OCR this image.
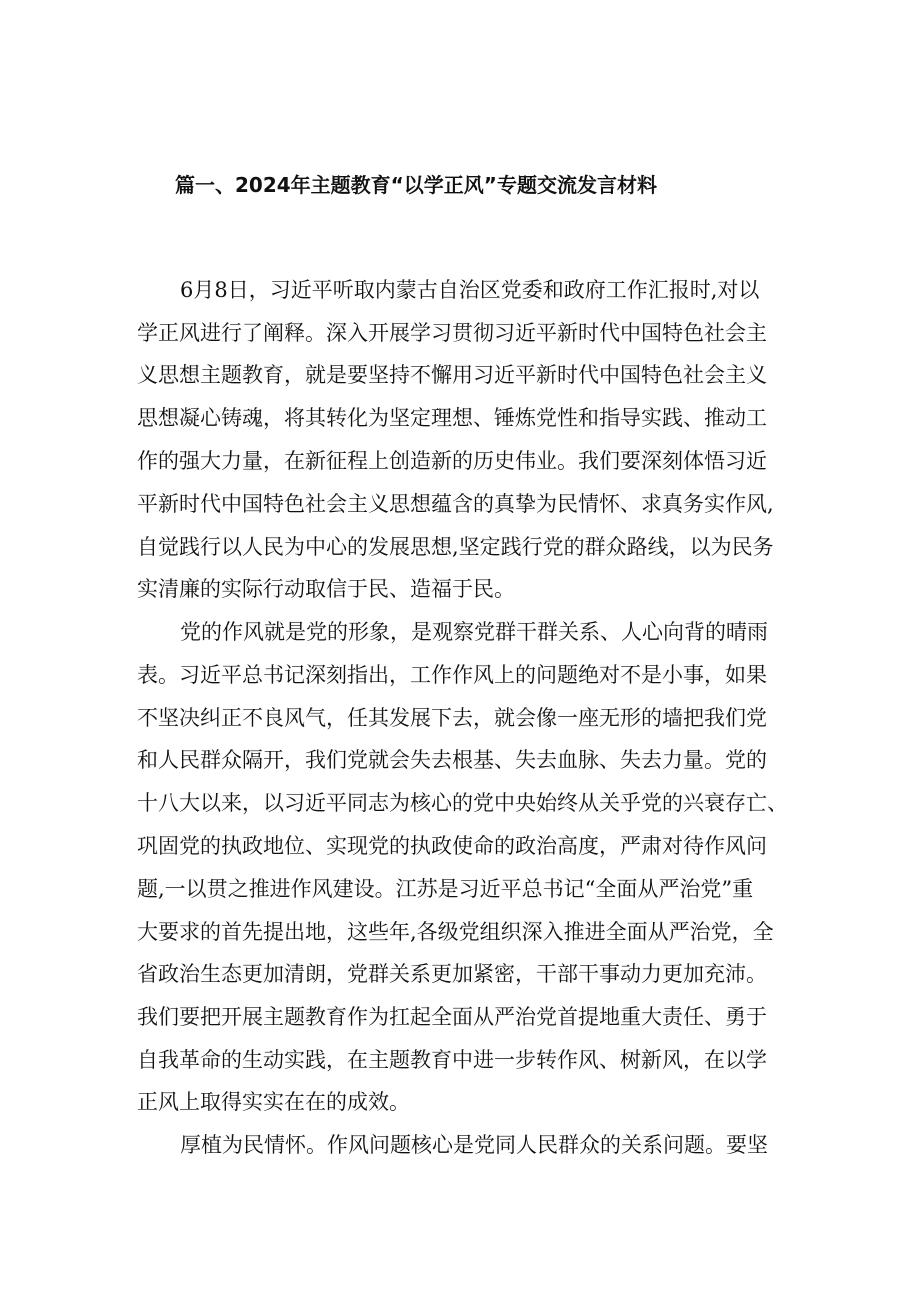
篇一、2024年主题教育“以学正风”专题交流发言材料

6月8日，习近平听取内蒙古自治区党委和政府工作汇报时,对以

学正风进行了阐释。深入开展学习贯彻习近平新时代中国特色社会主

义思想主题教育，就是要坚持不懈用习近平新时代中国特色社会主义

思想凝心铸魂，将其转化为坚定理想、锤炼党性和指导实践、推动工

作的强大力量，在新征程上创造新的历史伟业。我们要深刻体悟习近

平新时代中国特色社会主义思想蕴含的真挚为民情怀、求真务实作风,

自觉践行以人民为中心的发展思想,坚定践行党的群众路线，以为民务

实清廉的实际行动取信于民、造福于民。

党的作风就是党的形象，是观察党群干群关系、人心向背的晴雨

表。习近平总书记深刻指出，工作作风上的问题绝对不是小事，如果

不坚决纠正不良风气，任其发展下去，就会像一座无形的墙把我们党

和人民群众隔开，我们党就会失去根基、失去血脉、失去力量。党的

十八大以来，以习近平同志为核心的党中央始终从关乎党的兴衰存亡、

巩固党的执政地位、实现党的执政使命的政治高度，严肃对待作风问

题,一以贯之推进作风建设。江苏是习近平总书记“全面从严治党”重

大要求的首先提出地，这些年,各级党组织深入推进全面从严治党，全

省政治生态更加清朗，党群关系更加紧密，干部干事动力更加充沛。

我们要把开展主题教育作为扛起全面从严治党首提地重大责任、勇于

自我革命的生动实践，在主题教育中进一步转作风、树新风，在以学

正风上取得实实在在的成效。

厚植为民情怀。作风问题核心是党同人民群众的关系问题。要坚
